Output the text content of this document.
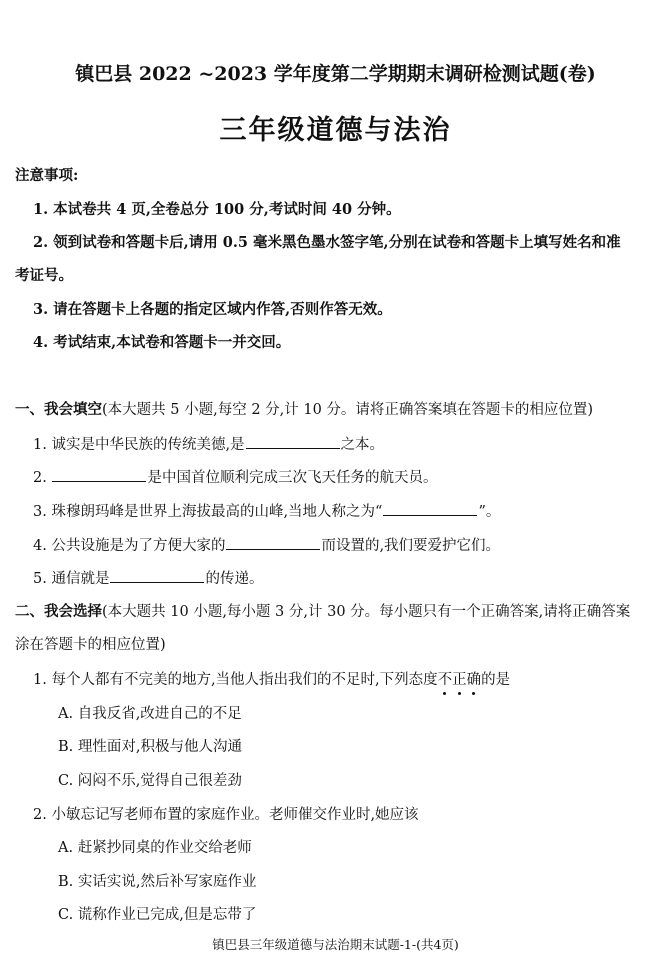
镇巴县 2022 ~2023 学年度第二学期期末调研检测试题(卷)
三年级道德与法治
注意事项:
1. 本试卷共 4 页,全卷总分 100 分,考试时间 40 分钟。
2. 领到试卷和答题卡后,请用 0.5 毫米黑色墨水签字笔,分别在试卷和答题卡上填写姓名和准
考证号。
3. 请在答题卡上各题的指定区域内作答,否则作答无效。
4. 考试结束,本试卷和答题卡一并交回。
一、我会填空(本大题共 5 小题,每空 2 分,计 10 分。请将正确答案填在答题卡的相应位置)
1. 诚实是中华民族的传统美德,是	之本。
2.	是中国首位顺利完成三次飞天任务的航天员。
3. 珠穆朗玛峰是世界上海拔最高的山峰,当地人称之为“	”。
4. 公共设施是为了方便大家的	而设置的,我们要爱护它们。
5. 通信就是	的传递。
二、我会选择(本大题共 10 小题,每小题 3 分,计 30 分。每小题只有一个正确答案,请将正确答案
涂在答题卡的相应位置)
1. 每个人都有不完美的地方,当他人指出我们的不足时,下列态度不正确的是
A. 自我反省,改进自己的不足
B. 理性面对,积极与他人沟通
C. 闷闷不乐,觉得自己很差劲
2. 小敏忘记写老师布置的家庭作业。老师催交作业时,她应该
A. 赶紧抄同桌的作业交给老师
B. 实话实说,然后补写家庭作业
C. 谎称作业已完成,但是忘带了
镇巴县三年级道德与法治期末试题-1-(共4页)
